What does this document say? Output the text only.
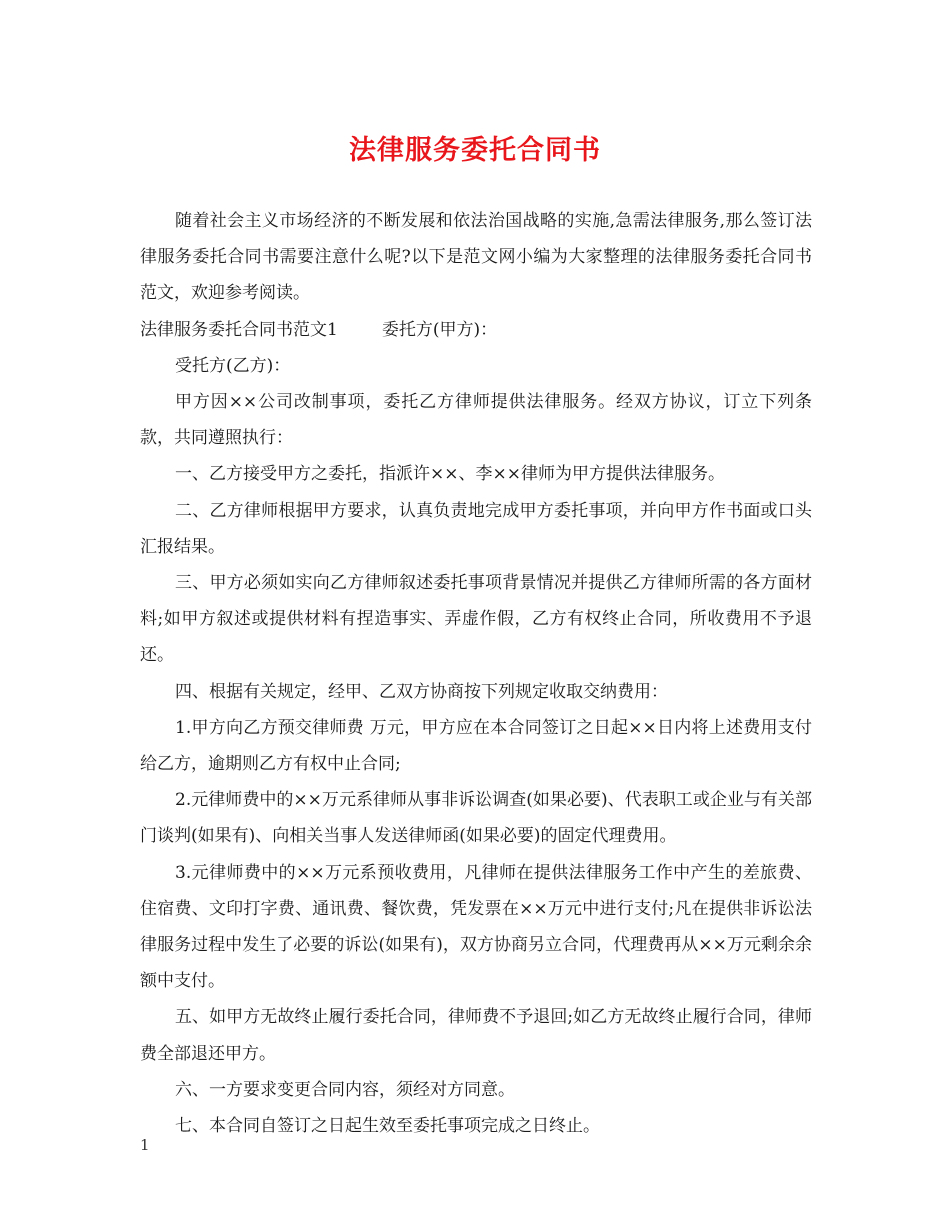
法律服务委托合同书

随着社会主义市场经济的不断发展和依法治国战略的实施,急需法律服务,那么签订法律服务委托合同书需要注意什么呢?以下是范文网小编为大家整理的法律服务委托合同书范文，欢迎参考阅读。

法律服务委托合同书范文1	委托方(甲方)：

受托方(乙方)：

甲方因××公司改制事项，委托乙方律师提供法律服务。经双方协议，订立下列条款，共同遵照执行：

一、乙方接受甲方之委托，指派许××、李××律师为甲方提供法律服务。

二、乙方律师根据甲方要求，认真负责地完成甲方委托事项，并向甲方作书面或口头汇报结果。

三、甲方必须如实向乙方律师叙述委托事项背景情况并提供乙方律师所需的各方面材料;如甲方叙述或提供材料有捏造事实、弄虚作假，乙方有权终止合同，所收费用不予退还。

四、根据有关规定，经甲、乙双方协商按下列规定收取交纳费用：

1.甲方向乙方预交律师费 万元，甲方应在本合同签订之日起××日内将上述费用支付给乙方，逾期则乙方有权中止合同;

2.元律师费中的××万元系律师从事非诉讼调查(如果必要)、代表职工或企业与有关部门谈判(如果有)、向相关当事人发送律师函(如果必要)的固定代理费用。

3.元律师费中的××万元系预收费用，凡律师在提供法律服务工作中产生的差旅费、住宿费、文印打字费、通讯费、餐饮费，凭发票在××万元中进行支付;凡在提供非诉讼法律服务过程中发生了必要的诉讼(如果有)，双方协商另立合同，代理费再从××万元剩余余额中支付。

五、如甲方无故终止履行委托合同，律师费不予退回;如乙方无故终止履行合同，律师费全部退还甲方。

六、一方要求变更合同内容，须经对方同意。

七、本合同自签订之日起生效至委托事项完成之日终止。

1
